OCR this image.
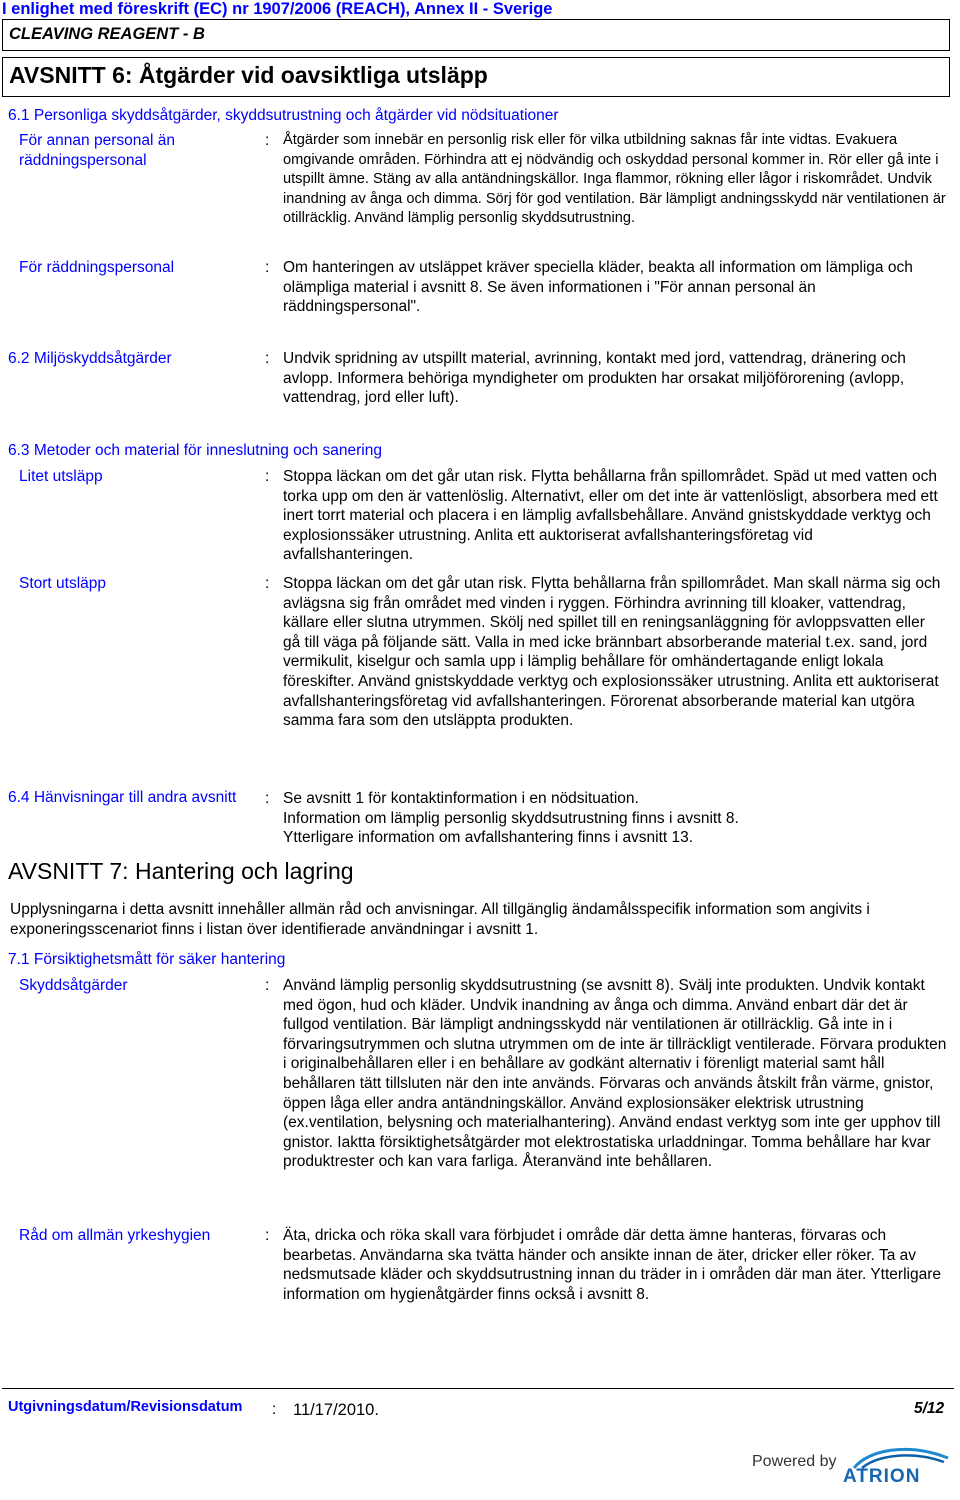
I enlighet med föreskrift (EC) nr 1907/2006 (REACH), Annex II - Sverige
CLEAVING REAGENT - B
AVSNITT 6: Åtgärder vid oavsiktliga utsläpp
6.1 Personliga skyddsåtgärder, skyddsutrustning och åtgärder vid nödsituationer
För annan personal än räddningspersonal
: Åtgärder som innebär en personlig risk eller för vilka utbildning saknas får inte vidtas. Evakuera omgivande områden. Förhindra att ej nödvändig och oskyddad personal kommer in. Rör eller gå inte i utspillt ämne. Stäng av alla antändningskällor. Inga flammor, rökning eller lågor i riskområdet. Undvik inandning av ånga och dimma. Sörj för god ventilation. Bär lämpligt andningsskydd när ventilationen är otillräcklig. Använd lämplig personlig skyddsutrustning.
För räddningspersonal	: Om hanteringen av utsläppet kräver speciella kläder, beakta all information om lämpliga och olämpliga material i avsnitt 8. Se även informationen i "För annan personal än räddningspersonal".
6.2 Miljöskyddsåtgärder	: Undvik spridning av utspillt material, avrinning, kontakt med jord, vattendrag, dränering och avlopp. Informera behöriga myndigheter om produkten har orsakat miljöförorening (avlopp, vattendrag, jord eller luft).
6.3 Metoder och material för inneslutning och sanering
Litet utsläpp	: Stoppa läckan om det går utan risk. Flytta behållarna från spillområdet. Späd ut med vatten och torka upp om den är vattenlöslig. Alternativt, eller om det inte är vattenlösligt, absorbera med ett inert torrt material och placera i en lämplig avfallsbehållare. Använd gnistskyddade verktyg och explosionssäker utrustning. Anlita ett auktoriserat avfallshanteringsföretag vid avfallshanteringen.
Stort utsläpp	: Stoppa läckan om det går utan risk. Flytta behållarna från spillområdet. Man skall närma sig och avlägsna sig från området med vinden i ryggen. Förhindra avrinning till kloaker, vattendrag, källare eller slutna utrymmen. Skölj ned spillet till en reningsanläggning för avloppsvatten eller gå till väga på följande sätt. Valla in med icke brännbart absorberande material t.ex. sand, jord vermikulit, kiselgur och samla upp i lämplig behållare för omhändertagande enligt lokala föreskifter. Använd gnistskyddade verktyg och explosionssäker utrustning. Anlita ett auktoriserat avfallshanteringsföretag vid avfallshanteringen. Förorenat absorberande material kan utgöra samma fara som den utsläppta produkten.
6.4 Hänvisningar till andra avsnitt	: Se avsnitt 1 för kontaktinformation i en nödsituation.
Information om lämplig personlig skyddsutrustning finns i avsnitt 8.
Ytterligare information om avfallshantering finns i avsnitt 13.
AVSNITT 7: Hantering och lagring
Upplysningarna i detta avsnitt innehåller allmän råd och anvisningar. All tillgänglig ändamålsspecifik information som angivits i exponeringsscenariot finns i listan över identifierade användningar i avsnitt 1.
7.1 Försiktighetsmått för säker hantering
Skyddsåtgärder	: Använd lämplig personlig skyddsutrustning (se avsnitt 8). Svälj inte produkten. Undvik kontakt med ögon, hud och kläder. Undvik inandning av ånga och dimma. Använd enbart där det är fullgod ventilation. Bär lämpligt andningsskydd när ventilationen är otillräcklig. Gå inte in i förvaringsutrymmen och slutna utrymmen om de inte är tillräckligt ventilerade. Förvara produkten i originalbehållaren eller i en behållare av godkänt alternativ i förenligt material samt håll behållaren tätt tillsluten när den inte används. Förvaras och används åtskilt från värme, gnistor, öppen låga eller andra antändningskällor. Använd explosionsäker elektrisk utrustning (ex.ventilation, belysning och materialhantering). Använd endast verktyg som inte ger upphov till gnistor. Iaktta försiktighetsåtgärder mot elektrostatiska urladdningar. Tomma behållare har kvar produktrester och kan vara farliga. Återanvänd inte behållaren.
Råd om allmän yrkeshygien	: Äta, dricka och röka skall vara förbjudet i område där detta ämne hanteras, förvaras och bearbetas. Användarna ska tvätta händer och ansikte innan de äter, dricker eller röker. Ta av nedsmutsade kläder och skyddsutrustning innan du träder in i områden där man äter. Ytterligare information om hygienåtgärder finns också i avsnitt 8.
Utgivningsdatum/Revisionsdatum : 11/17/2010.	5/12
Powered by
ATRION
